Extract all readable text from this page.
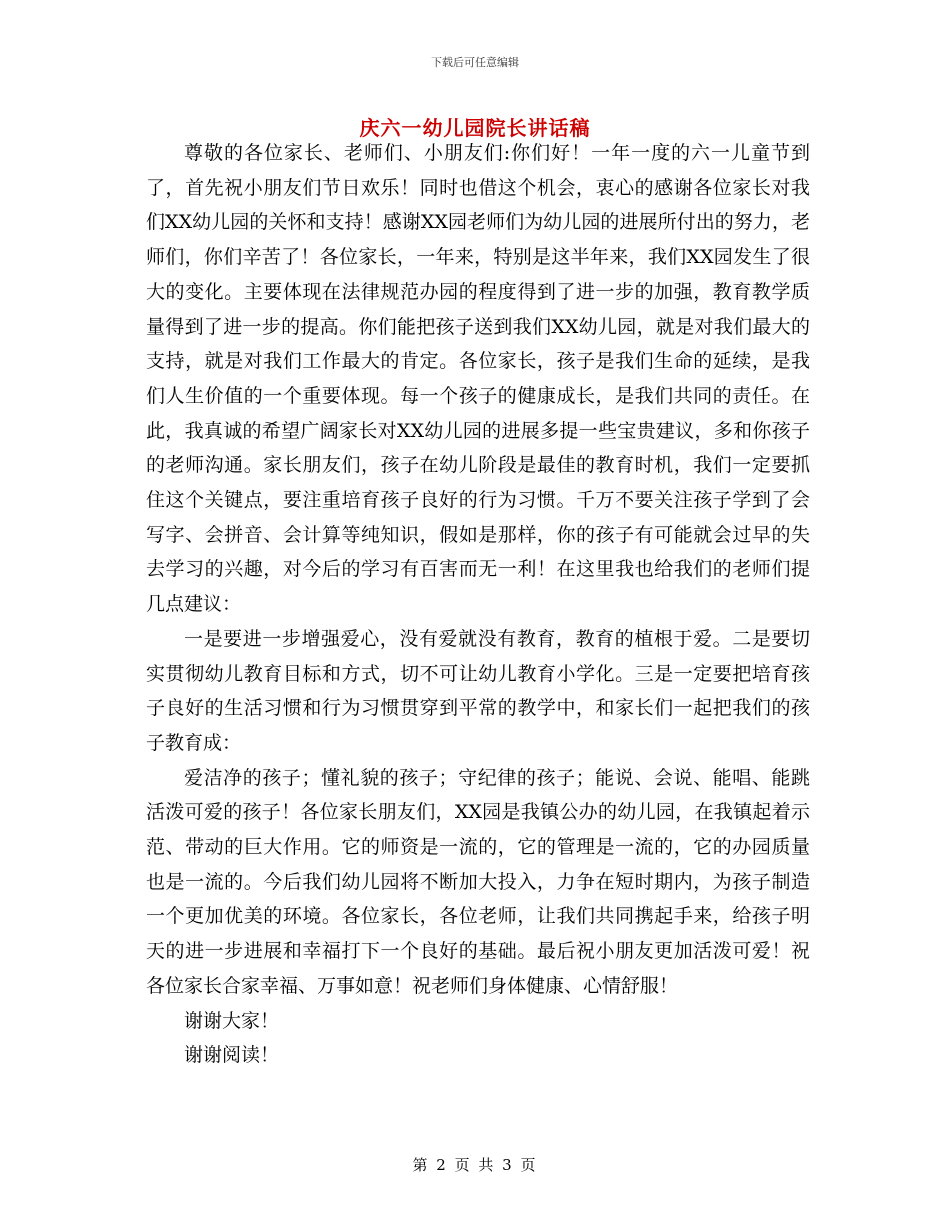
下载后可任意编辑
庆六一幼儿园院长讲话稿

尊敬的各位家长、老师们、小朋友们:你们好！一年一度的六一儿童节到了，首先祝小朋友们节日欢乐！同时也借这个机会，衷心的感谢各位家长对我们XX幼儿园的关怀和支持！感谢XX园老师们为幼儿园的进展所付出的努力，老师们，你们辛苦了！各位家长，一年来，特别是这半年来，我们XX园发生了很大的变化。主要体现在法律规范办园的程度得到了进一步的加强，教育教学质量得到了进一步的提高。你们能把孩子送到我们XX幼儿园，就是对我们最大的支持，就是对我们工作最大的肯定。各位家长，孩子是我们生命的延续，是我们人生价值的一个重要体现。每一个孩子的健康成长，是我们共同的责任。在此，我真诚的希望广阔家长对XX幼儿园的进展多提一些宝贵建议，多和你孩子的老师沟通。家长朋友们，孩子在幼儿阶段是最佳的教育时机，我们一定要抓住这个关键点，要注重培育孩子良好的行为习惯。千万不要关注孩子学到了会写字、会拼音、会计算等纯知识，假如是那样，你的孩子有可能就会过早的失去学习的兴趣，对今后的学习有百害而无一利！在这里我也给我们的老师们提几点建议：

一是要进一步增强爱心，没有爱就没有教育，教育的植根于爱。二是要切实贯彻幼儿教育目标和方式，切不可让幼儿教育小学化。三是一定要把培育孩子良好的生活习惯和行为习惯贯穿到平常的教学中，和家长们一起把我们的孩子教育成：

爱洁净的孩子；懂礼貌的孩子；守纪律的孩子；能说、会说、能唱、能跳活泼可爱的孩子！各位家长朋友们，XX园是我镇公办的幼儿园，在我镇起着示范、带动的巨大作用。它的师资是一流的，它的管理是一流的，它的办园质量也是一流的。今后我们幼儿园将不断加大投入，力争在短时期内，为孩子制造一个更加优美的环境。各位家长，各位老师，让我们共同携起手来，给孩子明天的进一步进展和幸福打下一个良好的基础。最后祝小朋友更加活泼可爱！祝各位家长合家幸福、万事如意！祝老师们身体健康、心情舒服！

谢谢大家！

谢谢阅读！

第 2 页 共 3 页
